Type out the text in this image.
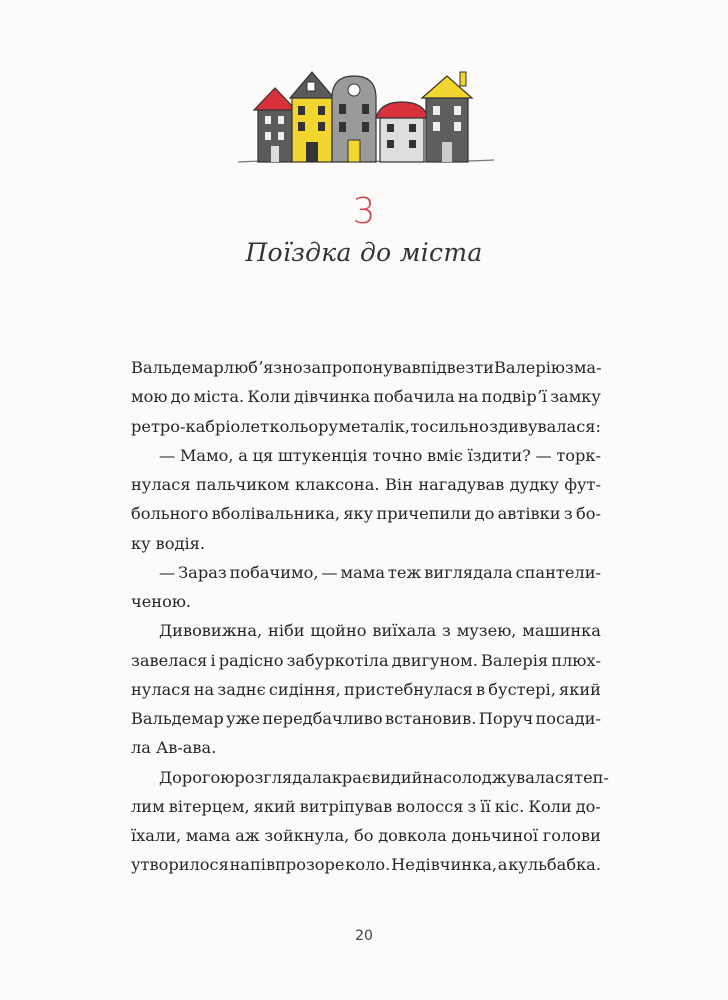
3
Поїздка до міста
Вальдемар любʼязно запропонував підвезти Валерію з ма-
мою до міста. Коли дівчинка побачила на подвірʼї замку
ретро-кабріолет кольору металік, то сильно здивувалася:
— Мамо, а ця штукенція точно вміє їздити? — торк-
нулася пальчиком клаксона. Він нагадував дудку фут-
больного вболівальника, яку причепили до автівки з бо-
ку водія.
— Зараз побачимо, — мама теж виглядала спантели-
ченою.
Дивовижна, ніби щойно виїхала з музею, машинка
завелася і радісно забуркотіла двигуном. Валерія плюх-
нулася на заднє сидіння, пристебнулася в бустері, який
Вальдемар уже передбачливо встановив. Поруч посади-
ла Ав-ава.
Дорогою розглядала краєвиди й насолоджувалася теп-
лим вітерцем, який витріпував волосся з її кіс. Коли до-
їхали, мама аж зойкнула, бо довкола доньчиної голови
утворилося напівпрозоре коло. Не дівчинка, а кульбабка.
20
